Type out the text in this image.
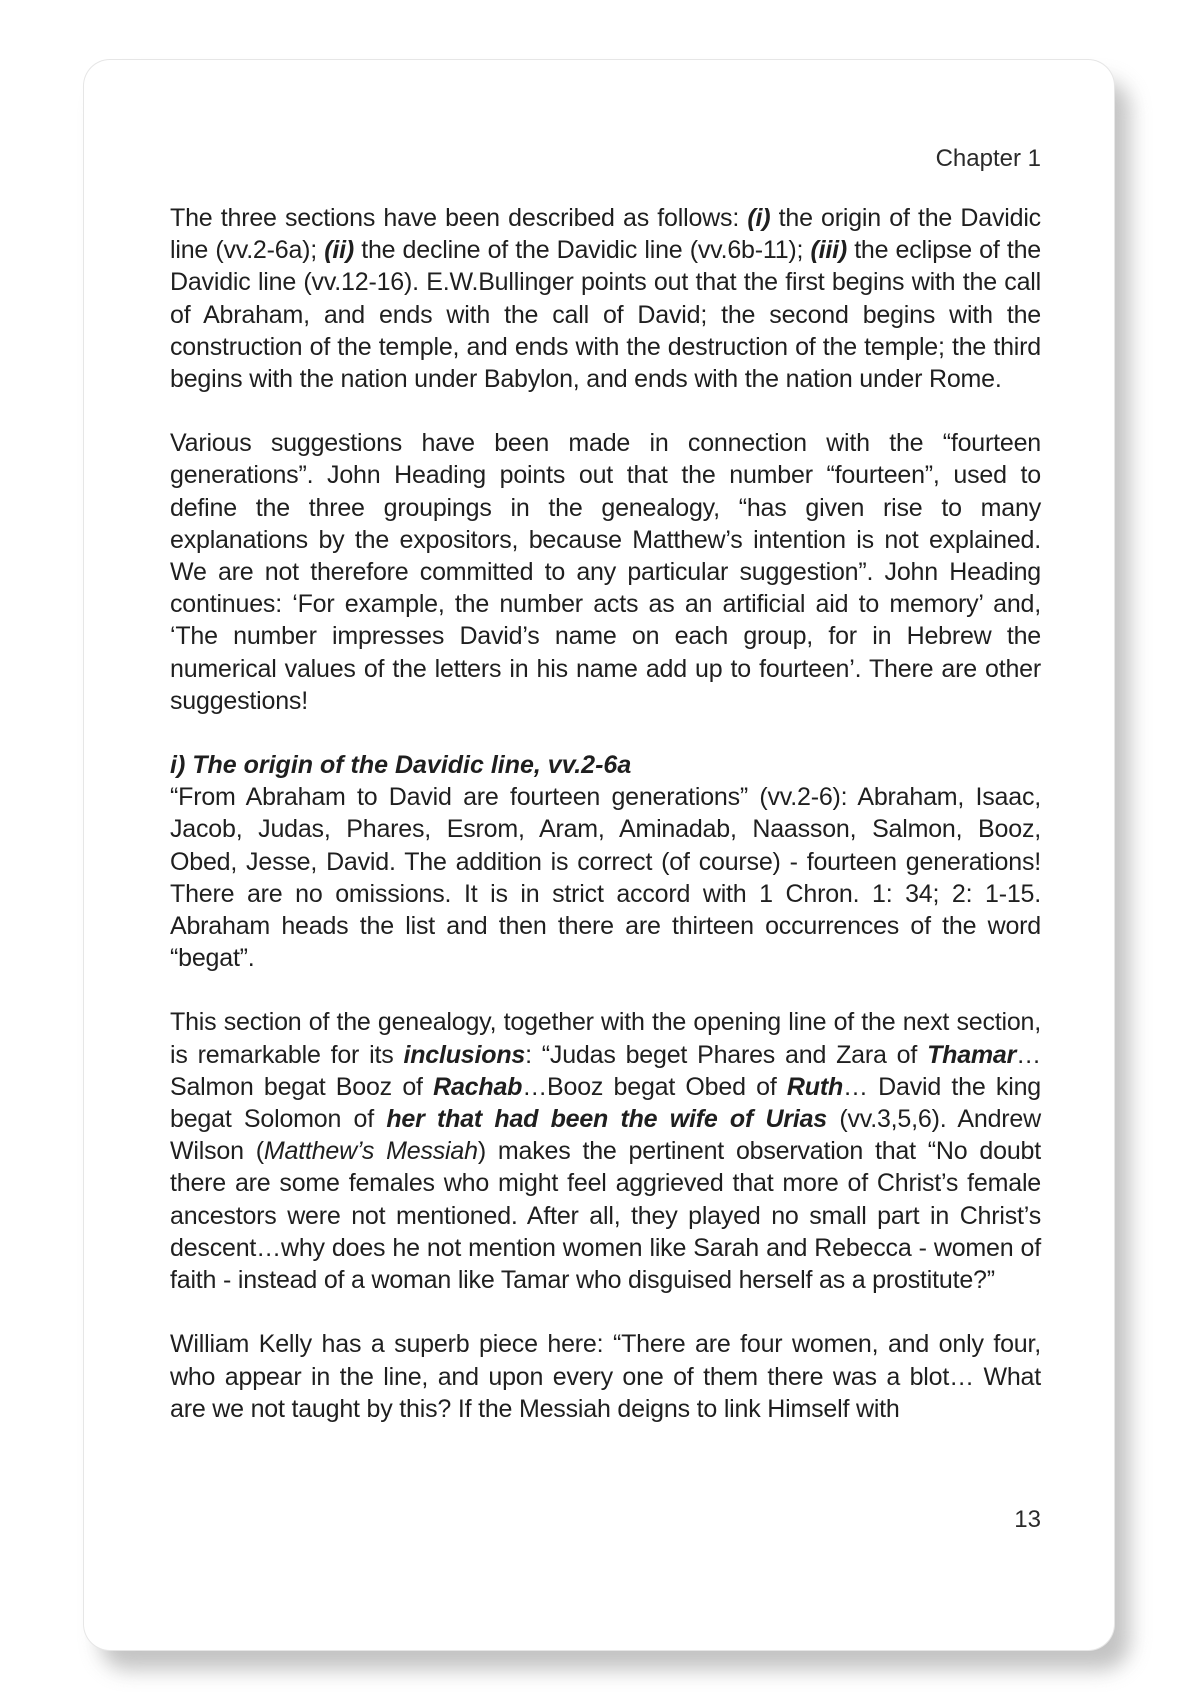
Chapter 1

The three sections have been described as follows: (i) the origin of the Davidic line (vv.2-6a); (ii) the decline of the Davidic line (vv.6b-11); (iii) the eclipse of the Davidic line (vv.12-16). E.W.Bullinger points out that the first begins with the call of Abraham, and ends with the call of David; the second begins with the construction of the temple, and ends with the destruction of the temple; the third begins with the nation under Babylon, and ends with the nation under Rome.

Various suggestions have been made in connection with the “fourteen generations”. John Heading points out that the number “fourteen”, used to define the three groupings in the genealogy, “has given rise to many explanations by the expositors, because Matthew’s intention is not explained. We are not therefore committed to any particular suggestion”. John Heading continues: ‘For example, the number acts as an artificial aid to memory’ and, ‘The number impresses David’s name on each group, for in Hebrew the numerical values of the letters in his name add up to fourteen’. There are other suggestions!

i) The origin of the Davidic line, vv.2-6a

“From Abraham to David are fourteen generations” (vv.2-6): Abraham, Isaac, Jacob, Judas, Phares, Esrom, Aram, Aminadab, Naasson, Salmon, Booz, Obed, Jesse, David. The addition is correct (of course) - fourteen generations! There are no omissions. It is in strict accord with 1 Chron. 1: 34; 2: 1-15. Abraham heads the list and then there are thirteen occurrences of the word “begat”.

This section of the genealogy, together with the opening line of the next section, is remarkable for its inclusions: “Judas beget Phares and Zara of Thamar…Salmon begat Booz of Rachab…Booz begat Obed of Ruth… David the king begat Solomon of her that had been the wife of Urias (vv.3,5,6). Andrew Wilson (Matthew’s Messiah) makes the pertinent observation that “No doubt there are some females who might feel aggrieved that more of Christ’s female ancestors were not mentioned. After all, they played no small part in Christ’s descent…why does he not mention women like Sarah and Rebecca - women of faith - instead of a woman like Tamar who disguised herself as a prostitute?”

William Kelly has a superb piece here: “There are four women, and only four, who appear in the line, and upon every one of them there was a blot… What are we not taught by this? If the Messiah deigns to link Himself with

13
